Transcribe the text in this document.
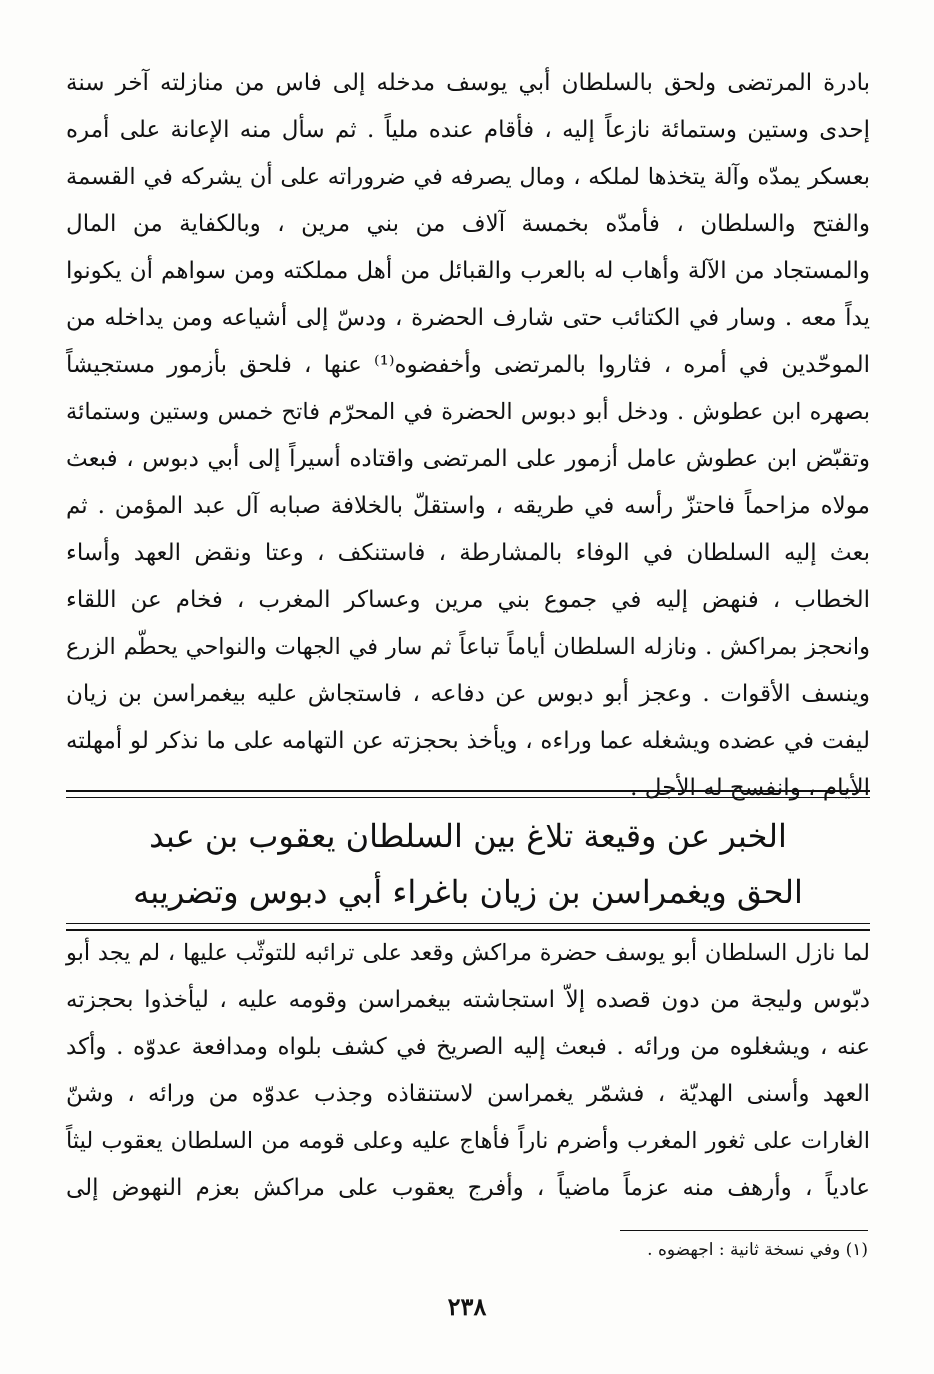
بادرة المرتضى ولحق بالسلطان أبي يوسف مدخله إلى فاس من منازلته آخر سنة
إحدى وستين وستمائة نازعاً إليه ، فأقام عنده ملياً . ثم سأل منه الإعانة على أمره
بعسكر يمدّه وآلة يتخذها لملكه ، ومال يصرفه في ضروراته على أن يشركه في القسمة
والفتح والسلطان ، فأمدّه بخمسة آلاف من بني مرين ، وبالكفاية من المال
والمستجاد من الآلة وأهاب له بالعرب والقبائل من أهل مملكته ومن سواهم أن يكونوا
يداً معه . وسار في الكتائب حتى شارف الحضرة ، ودسّ إلى أشياعه ومن يداخله من
الموحّدين في أمره ، فثاروا بالمرتضى وأخفضوه⁽¹⁾ عنها ، فلحق بأزمور مستجيشاً
بصهره ابن عطوش . ودخل أبو دبوس الحضرة في المحرّم فاتح خمس وستين وستمائة
وتقبّض ابن عطوش عامل أزمور على المرتضى واقتاده أسيراً إلى أبي دبوس ، فبعث
مولاه مزاحماً فاحتزّ رأسه في طريقه ، واستقلّ بالخلافة صبابه آل عبد المؤمن . ثم
بعث إليه السلطان في الوفاء بالمشارطة ، فاستنكف ، وعتا ونقض العهد وأساء
الخطاب ، فنهض إليه في جموع بني مرين وعساكر المغرب ، فخام عن اللقاء
وانحجز بمراكش . ونازله السلطان أياماً تباعاً ثم سار في الجهات والنواحي يحطّم الزرع
وينسف الأقوات . وعجز أبو دبوس عن دفاعه ، فاستجاش عليه بيغمراسن بن زيان
ليفت في عضده ويشغله عما وراءه ، ويأخذ بحجزته عن التهامه على ما نذكر لو أمهلته
الأيام ، وانفسح له الأجل .
الخبر عن وقيعة تلاغ بين السلطان يعقوب بن عبد
الحق ويغمراسن بن زيان باغراء أبي دبوس وتضريبه
لما نازل السلطان أبو يوسف حضرة مراكش وقعد على ترائبه للتوثّب عليها ، لم يجد أبو
دبّوس وليجة من دون قصده إلاّ استجاشته بيغمراسن وقومه عليه ، ليأخذوا بحجزته
عنه ، ويشغلوه من ورائه . فبعث إليه الصريخ في كشف بلواه ومدافعة عدوّه . وأكد
العهد وأسنى الهديّة ، فشمّر يغمراسن لاستنقاذه وجذب عدوّه من ورائه ، وشنّ
الغارات على ثغور المغرب وأضرم ناراً فأهاج عليه وعلى قومه من السلطان يعقوب ليثاً
عادياً ، وأرهف منه عزماً ماضياً ، وأفرج يعقوب على مراكش بعزم النهوض إلى
(١) وفي نسخة ثانية : اجهضوه .
٢٣٨
